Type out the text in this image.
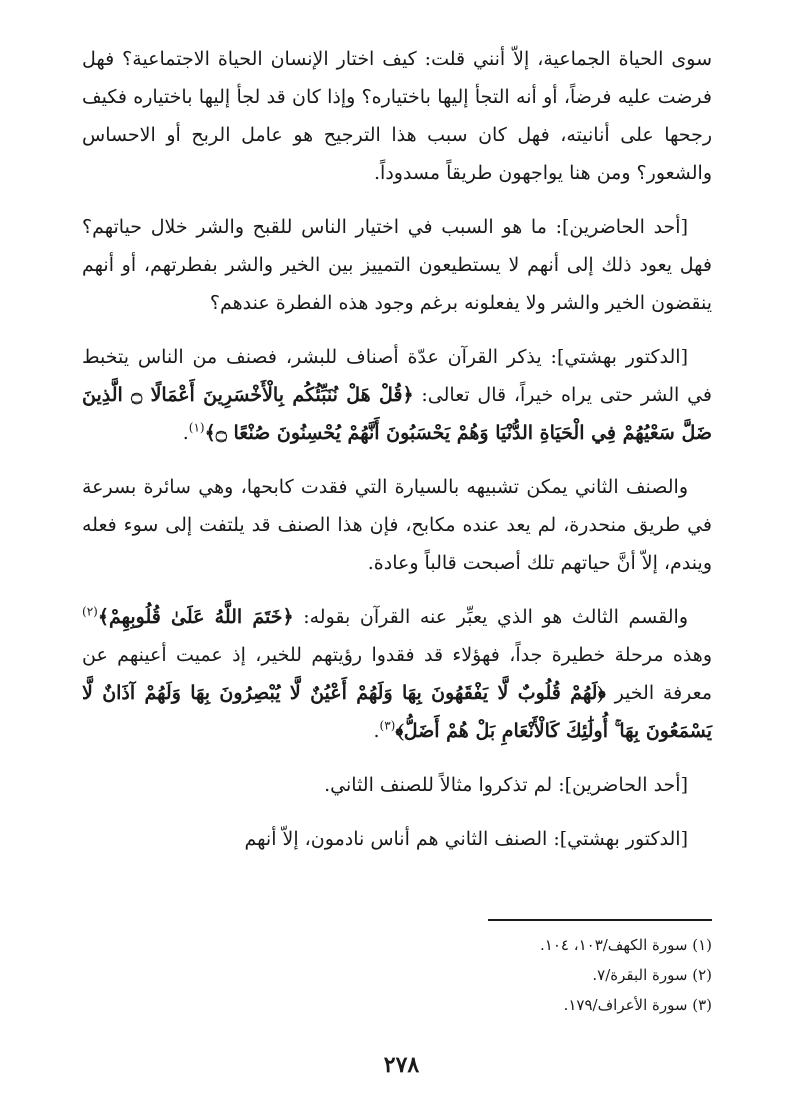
سوى الحياة الجماعية، إلاّ أنني قلت: كيف اختار الإنسان الحياة الاجتماعية؟ فهل فرضت عليه فرضاً، أو أنه التجأ إليها باختياره؟ وإذا كان قد لجأ إليها باختياره فكيف رجحها على أنانيته، فهل كان سبب هذا الترجيح هو عامل الربح أو الاحساس والشعور؟ ومن هنا يواجهون طريقاً مسدوداً.

[أحد الحاضرين]: ما هو السبب في اختيار الناس للقبح والشر خلال حياتهم؟ فهل يعود ذلك إلى أنهم لا يستطيعون التمييز بين الخير والشر بفطرتهم، أو أنهم ينقضون الخير والشر ولا يفعلونه برغم وجود هذه الفطرة عندهم؟

[الدكتور بهشتي]: يذكر القرآن عدّة أصناف للبشر، فصنف من الناس يتخبط في الشر حتى يراه خيراً، قال تعالى: ﴿قُلْ هَلْ نُنَبِّئُكُم بِالْأَخْسَرِينَ أَعْمَالًا ۝ الَّذِينَ ضَلَّ سَعْيُهُمْ فِي الْحَيَاةِ الدُّنْيَا وَهُمْ يَحْسَبُونَ أَنَّهُمْ يُحْسِنُونَ صُنْعًا ۝﴾$^{(١)}$.

والصنف الثاني يمكن تشبيهه بالسيارة التي فقدت كابحها، وهي سائرة بسرعة في طريق منحدرة، لم يعد عنده مكابح، فإن هذا الصنف قد يلتفت إلى سوء فعله ويندم، إلاّ أنَّ حياتهم تلك أصبحت قالباً وعادة.

والقسم الثالث هو الذي يعبِّر عنه القرآن بقوله: ﴿خَتَمَ اللَّهُ عَلَىٰ قُلُوبِهِمْ﴾$^{(٢)}$ وهذه مرحلة خطيرة جداً، فهؤلاء قد فقدوا رؤيتهم للخير، إذ عميت أعينهم عن معرفة الخير ﴿لَهُمْ قُلُوبٌ لَّا يَفْقَهُونَ بِهَا وَلَهُمْ أَعْيُنٌ لَّا يُبْصِرُونَ بِهَا وَلَهُمْ آذَانٌ لَّا يَسْمَعُونَ بِهَا ۚ أُولَٰئِكَ كَالْأَنْعَامِ بَلْ هُمْ أَضَلُّ﴾$^{(٣)}$.

[أحد الحاضرين]: لم تذكروا مثالاً للصنف الثاني.

[الدكتور بهشتي]: الصنف الثاني هم أناس نادمون، إلاّ أنهم

(١) سورة الكهف/١٠٣، ١٠٤.

(٢) سورة البقرة/٧.

(٣) سورة الأعراف/١٧٩.

٢٧٨
